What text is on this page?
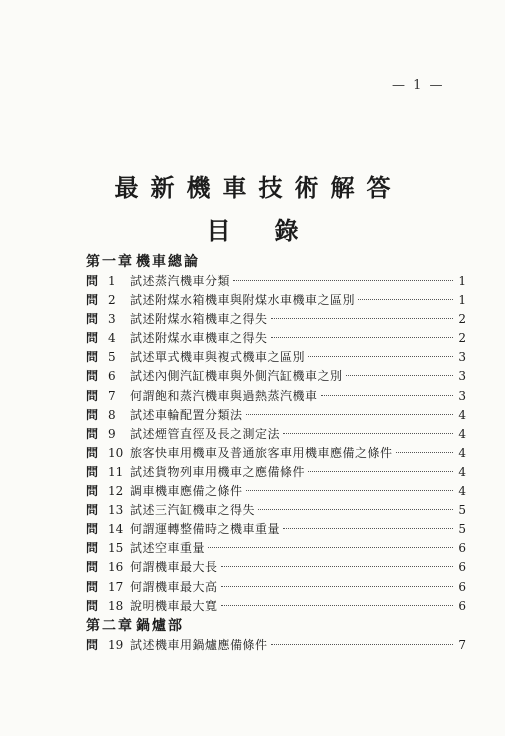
— 1 —
最新機車技術解答
目錄
第一章 機車總論
問 1	試述蒸汽機車分類	1
問 2	試述附煤水箱機車與附煤水車機車之區別	1
問 3	試述附煤水箱機車之得失	2
問 4	試述附煤水車機車之得失	2
問 5	試述單式機車與複式機車之區別	3
問 6	試述內側汽缸機車與外側汽缸機車之別	3
問 7	何謂飽和蒸汽機車與過熱蒸汽機車	3
問 8	試述車輪配置分類法	4
問 9	試述煙管直徑及長之測定法	4
問 10 旅客快車用機車及普通旅客車用機車應備之條件	4
問 11 試述貨物列車用機車之應備條件	4
問 12 調車機車應備之條件	4
問 13 試述三汽缸機車之得失	5
問 14 何謂運轉整備時之機車重量	5
問 15 試述空車重量	6
問 16 何謂機車最大長	6
問 17 何謂機車最大高	6
問 18 說明機車最大寬	6
第二章 鍋爐部
問 19 試述機車用鍋爐應備條件	7
